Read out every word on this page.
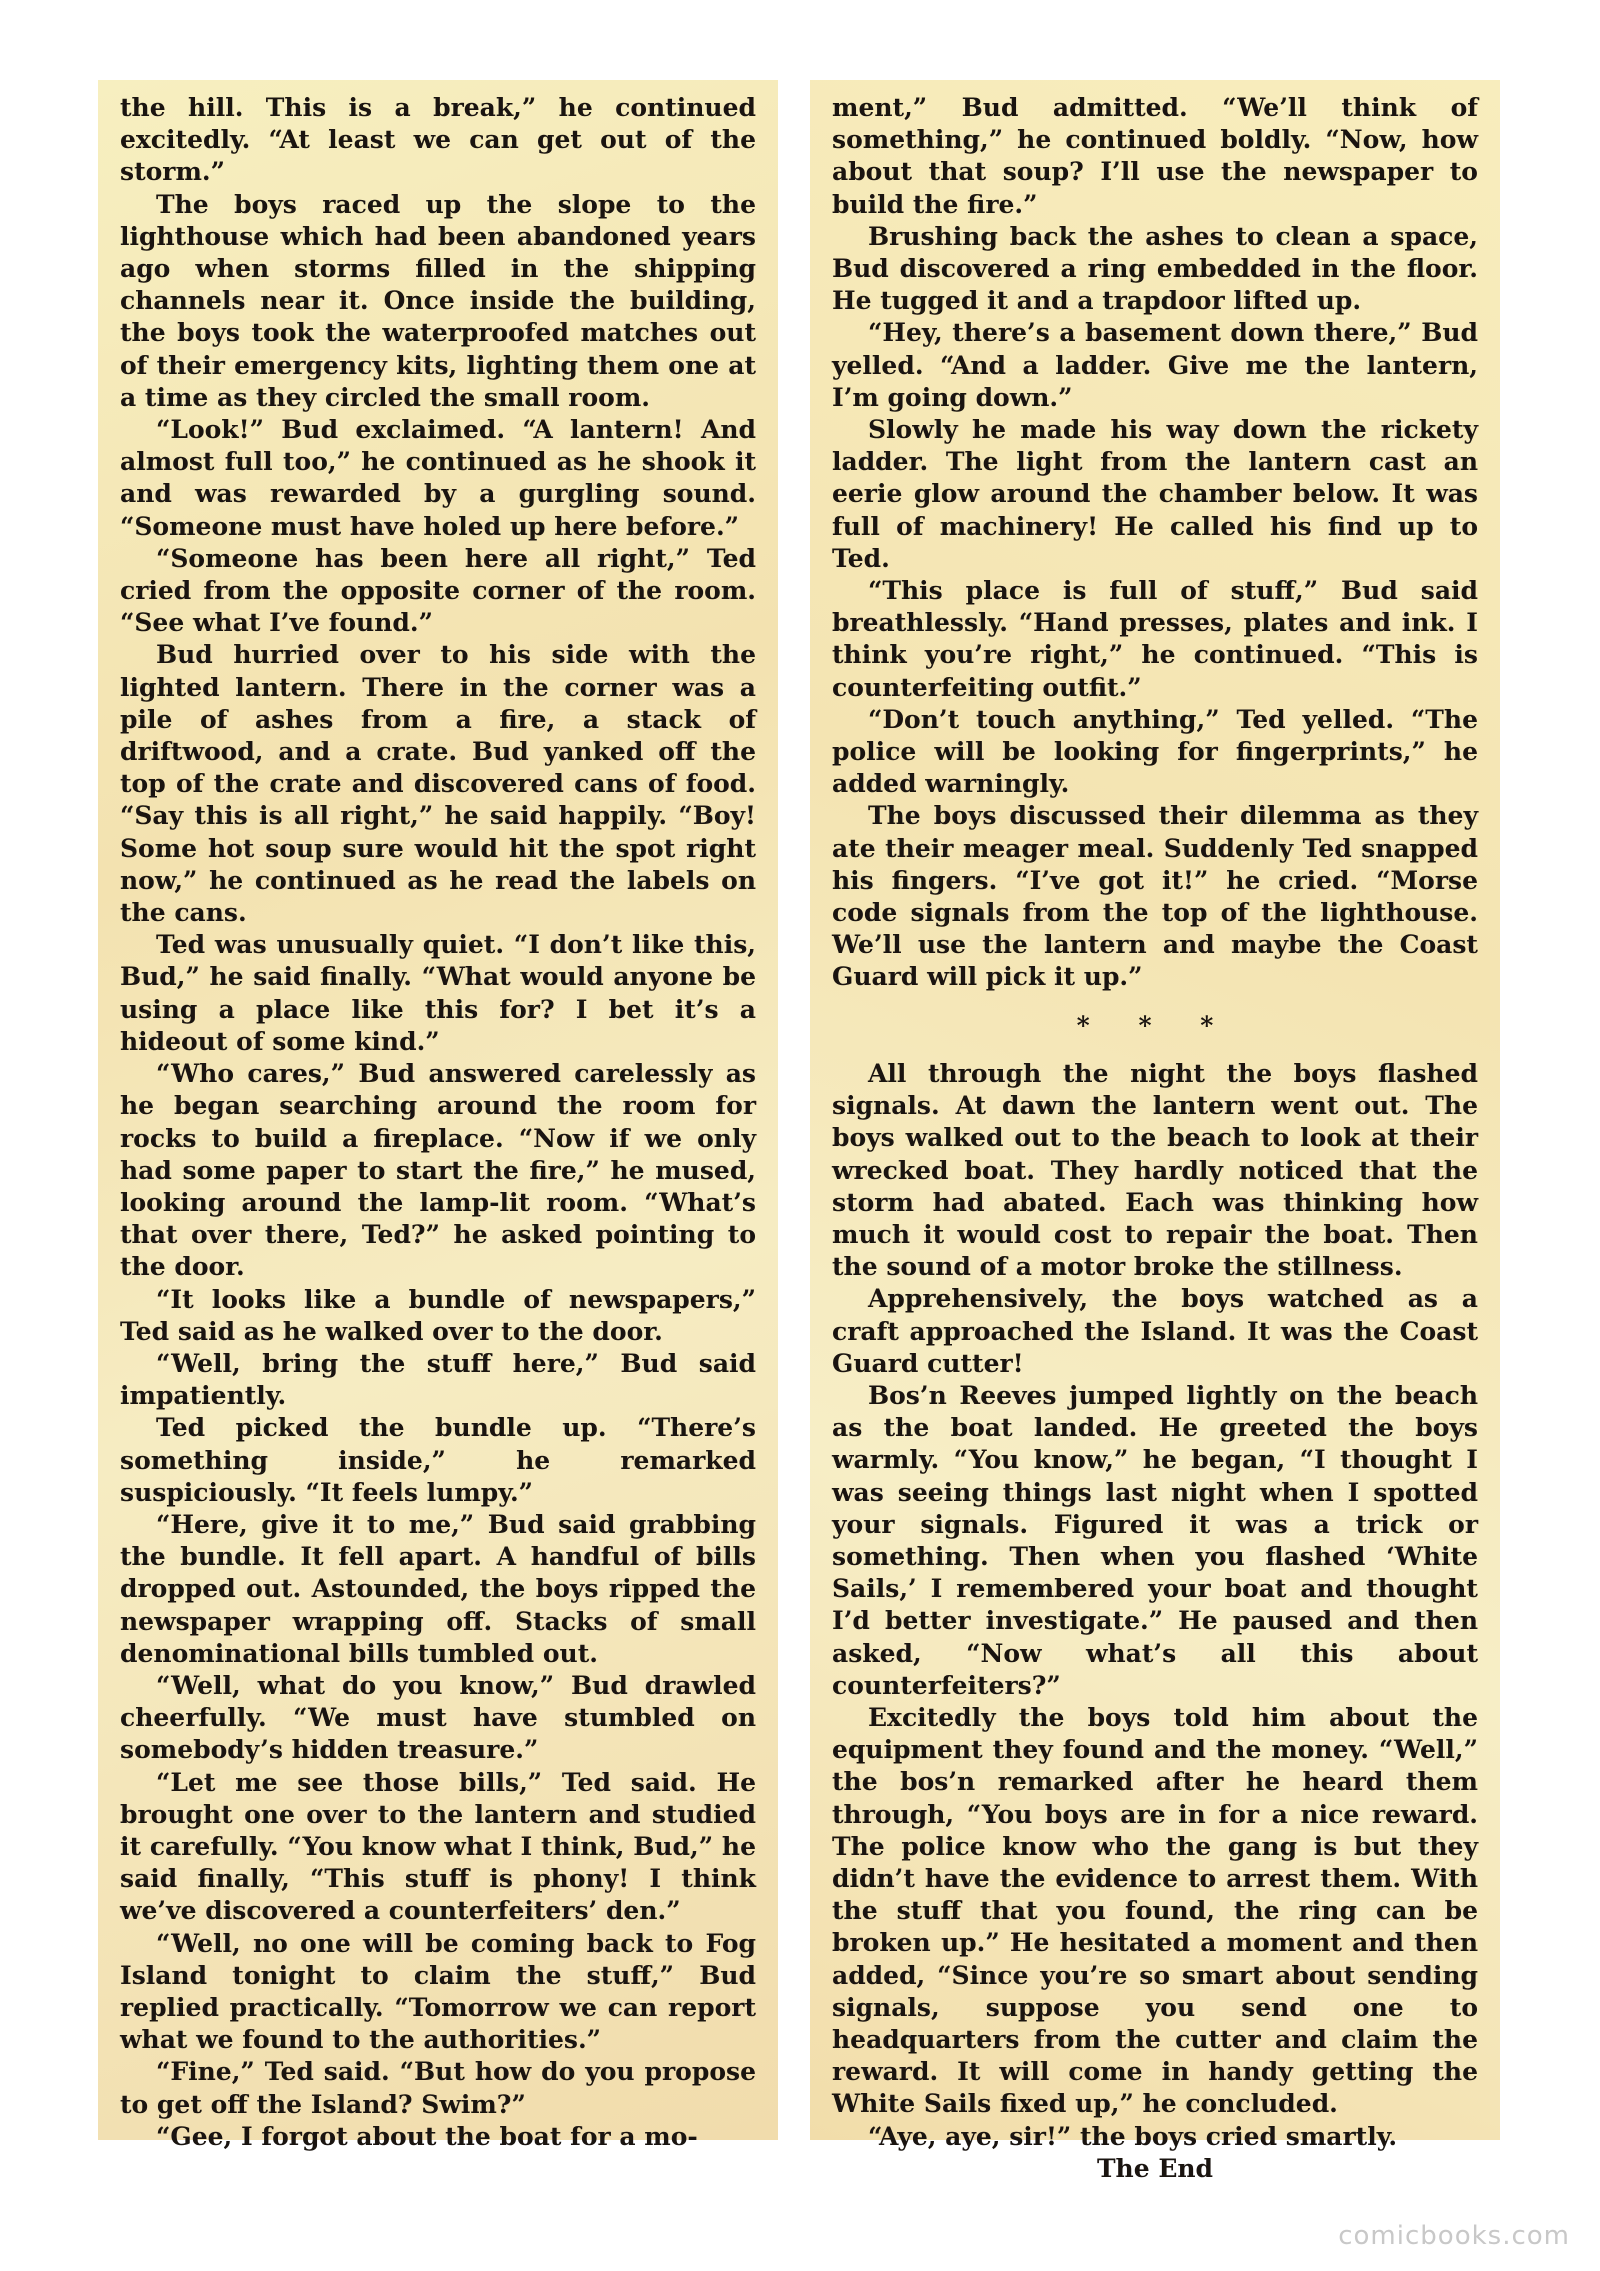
the hill. This is a break,” he continued excitedly. “At least we can get out of the storm.”

The boys raced up the slope to the lighthouse which had been abandoned years ago when storms filled in the shipping channels near it. Once inside the building, the boys took the waterproofed matches out of their emergency kits, lighting them one at a time as they circled the small room.

“Look!” Bud exclaimed. “A lantern! And almost full too,” he continued as he shook it and was rewarded by a gurgling sound. “Someone must have holed up here before.”

“Someone has been here all right,” Ted cried from the opposite corner of the room. “See what I’ve found.”

Bud hurried over to his side with the lighted lantern. There in the corner was a pile of ashes from a fire, a stack of driftwood, and a crate. Bud yanked off the top of the crate and discovered cans of food. “Say this is all right,” he said happily. “Boy! Some hot soup sure would hit the spot right now,” he continued as he read the labels on the cans.

Ted was unusually quiet. “I don’t like this, Bud,” he said finally. “What would anyone be using a place like this for? I bet it’s a hideout of some kind.”

“Who cares,” Bud answered carelessly as he began searching around the room for rocks to build a fireplace. “Now if we only had some paper to start the fire,” he mused, looking around the lamp-lit room. “What’s that over there, Ted?” he asked pointing to the door.

“It looks like a bundle of newspapers,” Ted said as he walked over to the door.

“Well, bring the stuff here,” Bud said impatiently.

Ted picked the bundle up. “There’s something inside,” he remarked suspiciously. “It feels lumpy.”

“Here, give it to me,” Bud said grabbing the bundle. It fell apart. A handful of bills dropped out. Astounded, the boys ripped the newspaper wrapping off. Stacks of small denominational bills tumbled out.

“Well, what do you know,” Bud drawled cheerfully. “We must have stumbled on somebody’s hidden treasure.”

“Let me see those bills,” Ted said. He brought one over to the lantern and studied it carefully. “You know what I think, Bud,” he said finally, “This stuff is phony! I think we’ve discovered a counterfeiters’ den.”

“Well, no one will be coming back to Fog Island tonight to claim the stuff,” Bud replied practically. “Tomorrow we can report what we found to the authorities.”

“Fine,” Ted said. “But how do you propose to get off the Island? Swim?”

“Gee, I forgot about the boat for a mo-

ment,” Bud admitted. “We’ll think of something,” he continued boldly. “Now, how about that soup? I’ll use the newspaper to build the fire.”

Brushing back the ashes to clean a space, Bud discovered a ring embedded in the floor. He tugged it and a trapdoor lifted up.

“Hey, there’s a basement down there,” Bud yelled. “And a ladder. Give me the lantern, I’m going down.”

Slowly he made his way down the rickety ladder. The light from the lantern cast an eerie glow around the chamber below. It was full of machinery! He called his find up to Ted.

“This place is full of stuff,” Bud said breathlessly. “Hand presses, plates and ink. I think you’re right,” he continued. “This is counterfeiting outfit.”

“Don’t touch anything,” Ted yelled. “The police will be looking for fingerprints,” he added warningly.

The boys discussed their dilemma as they ate their meager meal. Suddenly Ted snapped his fingers. “I’ve got it!” he cried. “Morse code signals from the top of the lighthouse. We’ll use the lantern and maybe the Coast Guard will pick it up.”

* * *

All through the night the boys flashed signals. At dawn the lantern went out. The boys walked out to the beach to look at their wrecked boat. They hardly noticed that the storm had abated. Each was thinking how much it would cost to repair the boat. Then the sound of a motor broke the stillness.

Apprehensively, the boys watched as a craft approached the Island. It was the Coast Guard cutter!

Bos’n Reeves jumped lightly on the beach as the boat landed. He greeted the boys warmly. “You know,” he began, “I thought I was seeing things last night when I spotted your signals. Figured it was a trick or something. Then when you flashed ‘White Sails,’ I remembered your boat and thought I’d better investigate.” He paused and then asked, “Now what’s all this about counterfeiters?”

Excitedly the boys told him about the equipment they found and the money. “Well,” the bos’n remarked after he heard them through, “You boys are in for a nice reward. The police know who the gang is but they didn’t have the evidence to arrest them. With the stuff that you found, the ring can be broken up.” He hesitated a moment and then added, “Since you’re so smart about sending signals, suppose you send one to headquarters from the cutter and claim the reward. It will come in handy getting the White Sails fixed up,” he concluded.

“Aye, aye, sir!” the boys cried smartly.

The End
comicbooks.com
